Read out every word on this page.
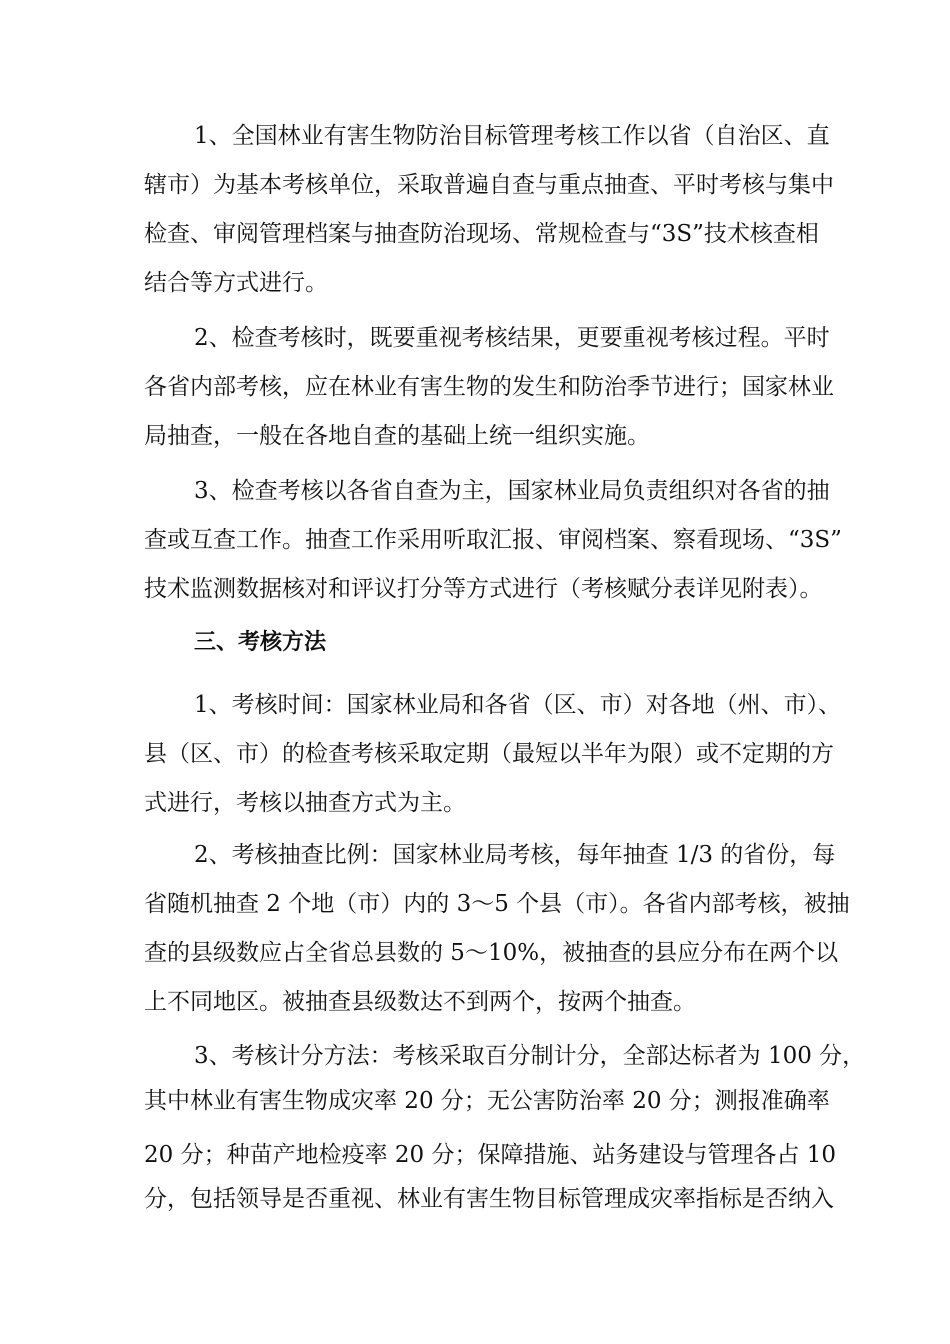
1、全国林业有害生物防治目标管理考核工作以省（自治区、直
辖市）为基本考核单位，采取普遍自查与重点抽查、平时考核与集中
检查、审阅管理档案与抽查防治现场、常规检查与“3S”技术核查相
结合等方式进行。
2、检查考核时，既要重视考核结果，更要重视考核过程。平时
各省内部考核，应在林业有害生物的发生和防治季节进行；国家林业
局抽查，一般在各地自查的基础上统一组织实施。
3、检查考核以各省自查为主，国家林业局负责组织对各省的抽
查或互查工作。抽查工作采用听取汇报、审阅档案、察看现场、“3S”
技术监测数据核对和评议打分等方式进行（考核赋分表详见附表）。
三、考核方法
1、考核时间：国家林业局和各省（区、市）对各地（州、市）、
县（区、市）的检查考核采取定期（最短以半年为限）或不定期的方
式进行，考核以抽查方式为主。
2、考核抽查比例：国家林业局考核，每年抽查 1/3 的省份，每
省随机抽查 2 个地（市）内的 3～5 个县（市）。各省内部考核，被抽
查的县级数应占全省总县数的 5～10%，被抽查的县应分布在两个以
上不同地区。被抽查县级数达不到两个，按两个抽查。
3、考核计分方法：考核采取百分制计分，全部达标者为 100 分，
其中林业有害生物成灾率 20 分；无公害防治率 20 分；测报准确率
20 分；种苗产地检疫率 20 分；保障措施、站务建设与管理各占 10
分，包括领导是否重视、林业有害生物目标管理成灾率指标是否纳入
